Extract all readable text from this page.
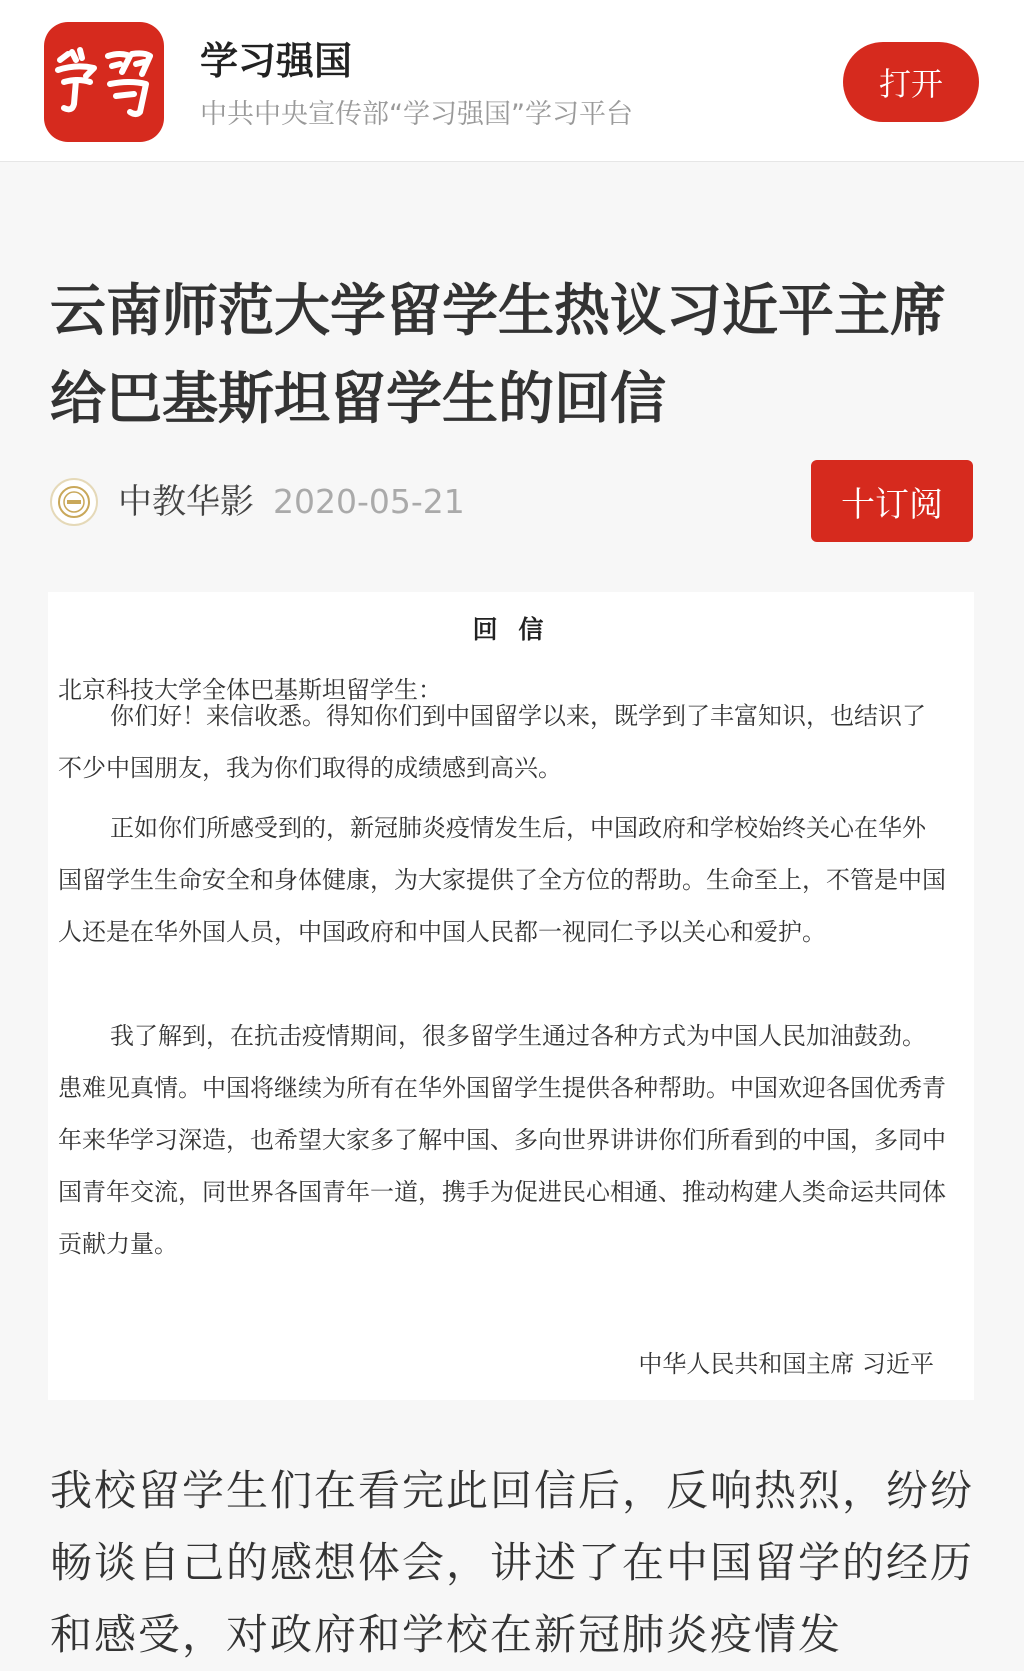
学习强国
中共中央宣传部“学习强国”学习平台
打开
云南师范大学留学生热议习近平主席给巴基斯坦留学生的回信
中教华影 2020-05-21	十订阅
回 信
北京科技大学全体巴基斯坦留学生：

你们好！来信收悉。得知你们到中国留学以来，既学到了丰富知识，也结识了不少中国朋友，我为你们取得的成绩感到高兴。

正如你们所感受到的，新冠肺炎疫情发生后，中国政府和学校始终关心在华外国留学生生命安全和身体健康，为大家提供了全方位的帮助。生命至上，不管是中国人还是在华外国人员，中国政府和中国人民都一视同仁予以关心和爱护。

我了解到，在抗击疫情期间，很多留学生通过各种方式为中国人民加油鼓劲。患难见真情。中国将继续为所有在华外国留学生提供各种帮助。中国欢迎各国优秀青年来华学习深造，也希望大家多了解中国、多向世界讲讲你们所看到的中国，多同中国青年交流，同世界各国青年一道，携手为促进民心相通、推动构建人类命运共同体贡献力量。

中华人民共和国主席 习近平

我校留学生们在看完此回信后，反响热烈，纷纷畅谈自己的感想体会，讲述了在中国留学的经历和感受，对政府和学校在新冠肺炎疫情发
